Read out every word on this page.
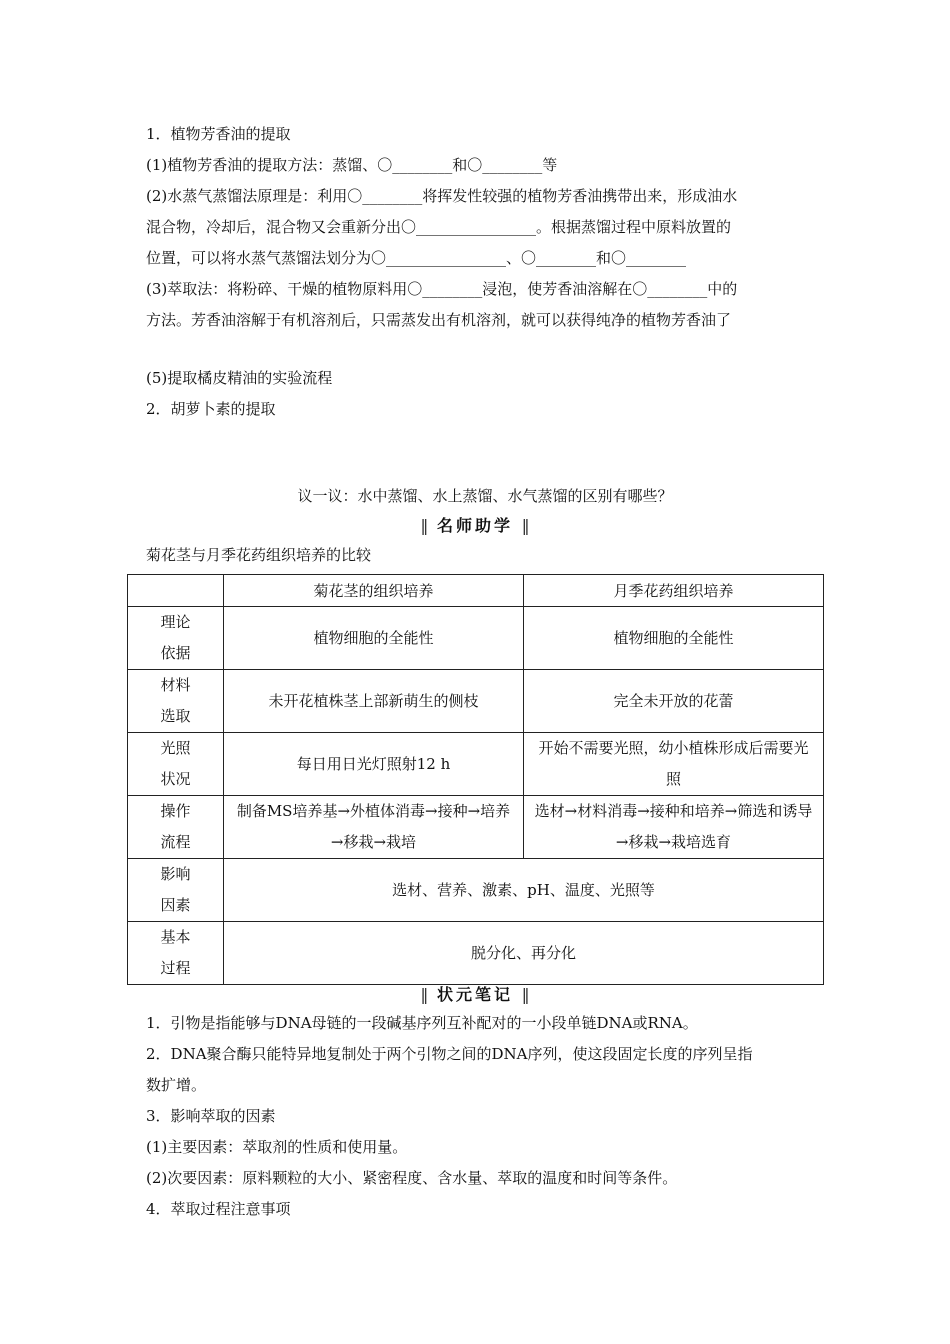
1．植物芳香油的提取
(1)植物芳香油的提取方法：蒸馏、〇________和〇________等
(2)水蒸气蒸馏法原理是：利用〇________将挥发性较强的植物芳香油携带出来，形成油水
混合物，冷却后，混合物又会重新分出〇________________。根据蒸馏过程中原料放置的
位置，可以将水蒸气蒸馏法划分为〇________________、〇________和〇________
(3)萃取法：将粉碎、干燥的植物原料用〇________浸泡，使芳香油溶解在〇________中的
方法。芳香油溶解于有机溶剂后，只需蒸发出有机溶剂，就可以获得纯净的植物芳香油了
(5)提取橘皮精油的实验流程
2．胡萝卜素的提取
议一议：水中蒸馏、水上蒸馏、水气蒸馏的区别有哪些？
‖ 名师助学 ‖
菊花茎与月季花药组织培养的比较
	菊花茎的组织培养	月季花药组织培养

理论
依据	植物细胞的全能性	植物细胞的全能性

材料
选取	未开花植株茎上部新萌生的侧枝	完全未开放的花蕾

光照
状况	每日用日光灯照射12 h	开始不需要光照，幼小植株形成后需要光照

操作
流程	制备MS培养基→外植体消毒→接种→培养→移栽→栽培	选材→材料消毒→接种和培养→筛选和诱导→移栽→栽培选育

影响
因素	选材、营养、激素、pH、温度、光照等	

基本
过程	脱分化、再分化	
‖ 状元笔记 ‖
1．引物是指能够与DNA母链的一段碱基序列互补配对的一小段单链DNA或RNA。
2．DNA聚合酶只能特异地复制处于两个引物之间的DNA序列，使这段固定长度的序列呈指
数扩增。
3．影响萃取的因素
(1)主要因素：萃取剂的性质和使用量。
(2)次要因素：原料颗粒的大小、紧密程度、含水量、萃取的温度和时间等条件。
4．萃取过程注意事项
